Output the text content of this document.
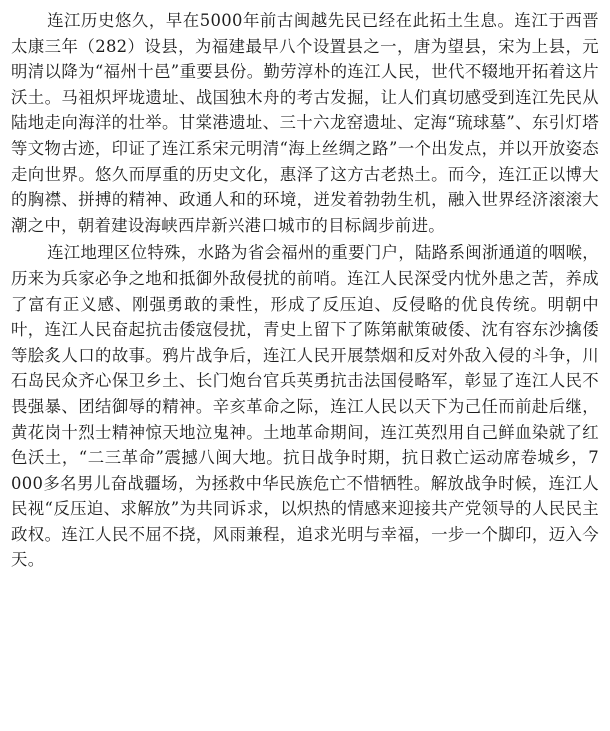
连江历史悠久，早在5000年前古闽越先民已经在此拓土生息。连江于西晋太康三年（282）设县，为福建最早八个设置县之一，唐为望县，宋为上县，元明清以降为“福州十邑”重要县份。勤劳淳朴的连江人民，世代不辍地开拓着这片沃土。马祖炽坪垅遗址、战国独木舟的考古发掘，让人们真切感受到连江先民从陆地走向海洋的壮举。甘棠港遗址、三十六龙窑遗址、定海“琉球墓”、东引灯塔等文物古迹，印证了连江系宋元明清“海上丝绸之路”一个出发点，并以开放姿态走向世界。悠久而厚重的历史文化，惠泽了这方古老热土。而今，连江正以博大的胸襟、拼搏的精神、政通人和的环境，迸发着勃勃生机，融入世界经济滚滚大潮之中，朝着建设海峡西岸新兴港口城市的目标阔步前进。

连江地理区位特殊，水路为省会福州的重要门户，陆路系闽浙通道的咽喉，历来为兵家必争之地和抵御外敌侵扰的前哨。连江人民深受内忧外患之苦，养成了富有正义感、刚强勇敢的秉性，形成了反压迫、反侵略的优良传统。明朝中叶，连江人民奋起抗击倭寇侵扰，青史上留下了陈第献策破倭、沈有容东沙擒倭等脍炙人口的故事。鸦片战争后，连江人民开展禁烟和反对外敌入侵的斗争，川石岛民众齐心保卫乡土、长门炮台官兵英勇抗击法国侵略军，彰显了连江人民不畏强暴、团结御辱的精神。辛亥革命之际，连江人民以天下为己任而前赴后继，黄花岗十烈士精神惊天地泣鬼神。土地革命期间，连江英烈用自己鲜血染就了红色沃土，“二三革命”震撼八闽大地。抗日战争时期，抗日救亡运动席卷城乡，7000多名男儿奋战疆场，为拯救中华民族危亡不惜牺牲。解放战争时候，连江人民视“反压迫、求解放”为共同诉求，以炽热的情感来迎接共产党领导的人民民主政权。连江人民不屈不挠，风雨兼程，追求光明与幸福，一步一个脚印，迈入今天。
